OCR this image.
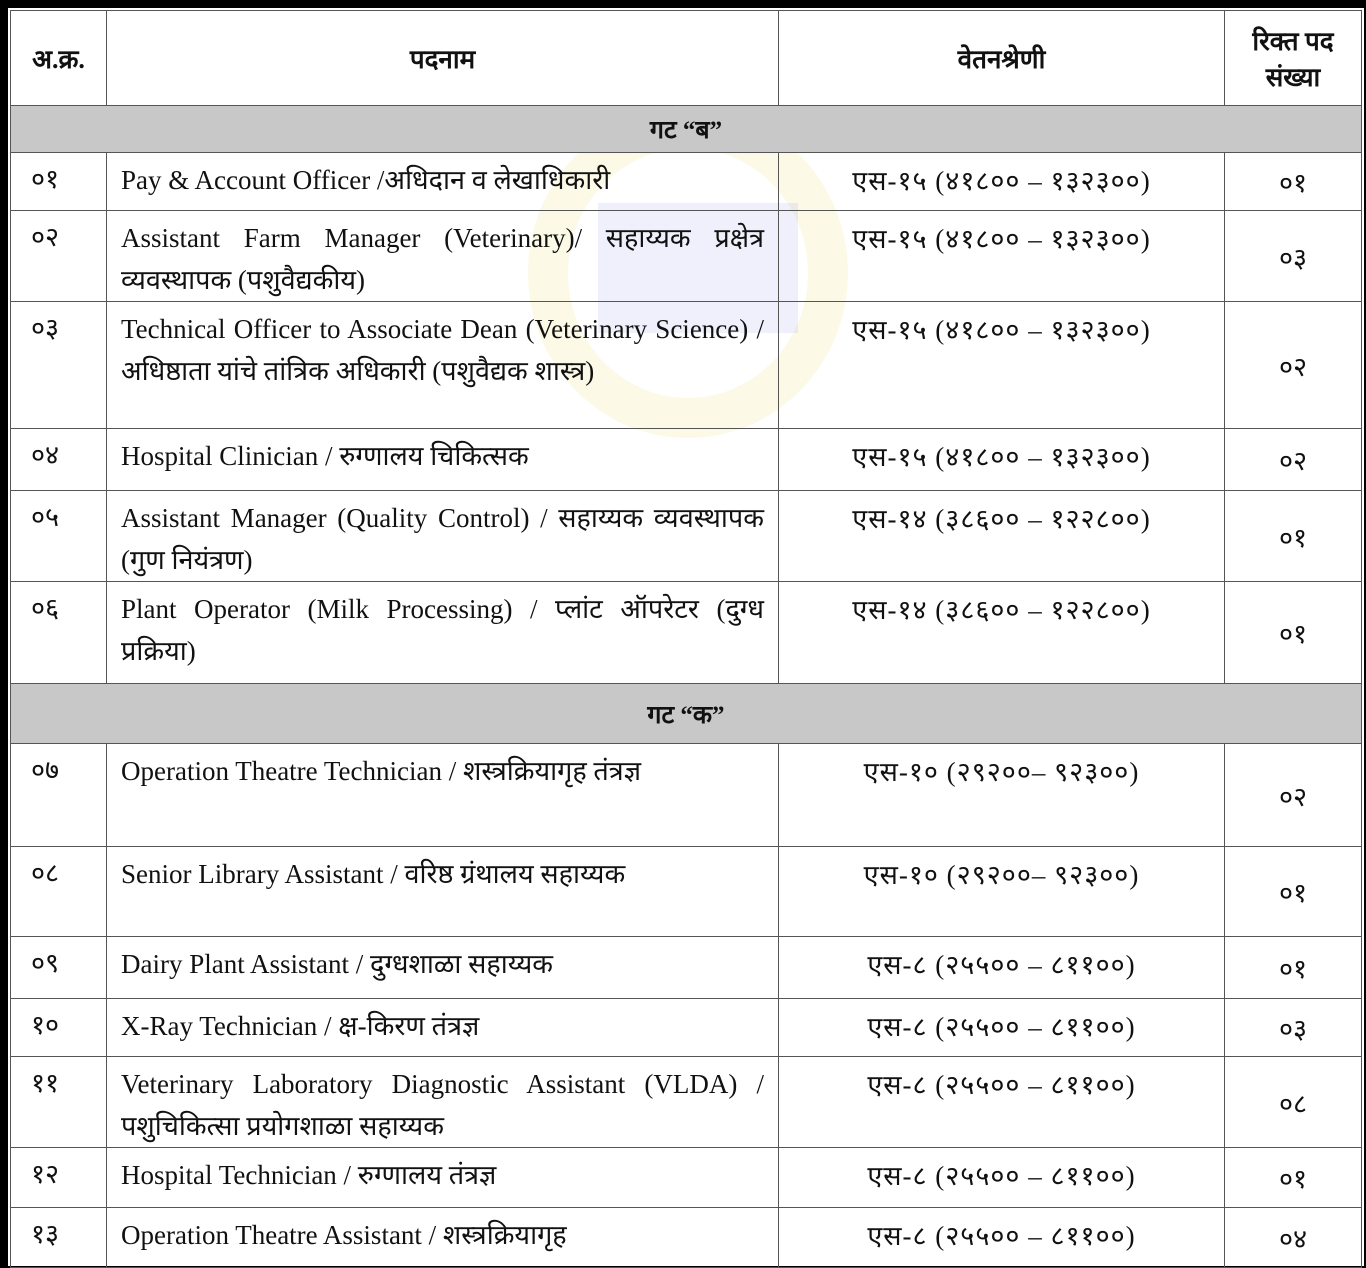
अ.क्र.	पदनाम	वेतनश्रेणी	रिक्त पद
संख्या
गट “ब”			
०१	Pay & Account Officer /अधिदान व लेखाधिकारी	एस-१५ (४१८०० – १३२३००)	०१
०२	Assistant Farm Manager (Veterinary)/ सहाय्यक प्रक्षेत्र व्यवस्थापक (पशुवैद्यकीय)	एस-१५ (४१८०० – १३२३००)	०३
०३	Technical Officer to Associate Dean (Veterinary Science) / अधिष्ठाता यांचे तांत्रिक अधिकारी (पशुवैद्यक शास्त्र)	एस-१५ (४१८०० – १३२३००)	०२
०४	Hospital Clinician / रुग्णालय चिकित्सक	एस-१५ (४१८०० – १३२३००)	०२
०५	Assistant Manager (Quality Control) / सहाय्यक व्यवस्थापक (गुण नियंत्रण)	एस-१४ (३८६०० – १२२८००)	०१
०६	Plant Operator (Milk Processing) / प्लांट ऑपरेटर (दुग्ध प्रक्रिया)	एस-१४ (३८६०० – १२२८००)	०१
गट “क”			
०७	Operation Theatre Technician / शस्त्रक्रियागृह तंत्रज्ञ	एस-१० (२९२००– ९२३००)	०२
०८	Senior Library Assistant / वरिष्ठ ग्रंथालय सहाय्यक	एस-१० (२९२००– ९२३००)	०१
०९	Dairy Plant Assistant / दुग्धशाळा सहाय्यक	एस-८ (२५५०० – ८११००)	०१
१०	X-Ray Technician / क्ष-किरण तंत्रज्ञ	एस-८ (२५५०० – ८११००)	०३
११	Veterinary Laboratory Diagnostic Assistant (VLDA) / पशुचिकित्सा प्रयोगशाळा सहाय्यक	एस-८ (२५५०० – ८११००)	०८
१२	Hospital Technician / रुग्णालय तंत्रज्ञ	एस-८ (२५५०० – ८११००)	०१
१३	Operation Theatre Assistant / शस्त्रक्रियागृह	एस-८ (२५५०० – ८११००)	०४
